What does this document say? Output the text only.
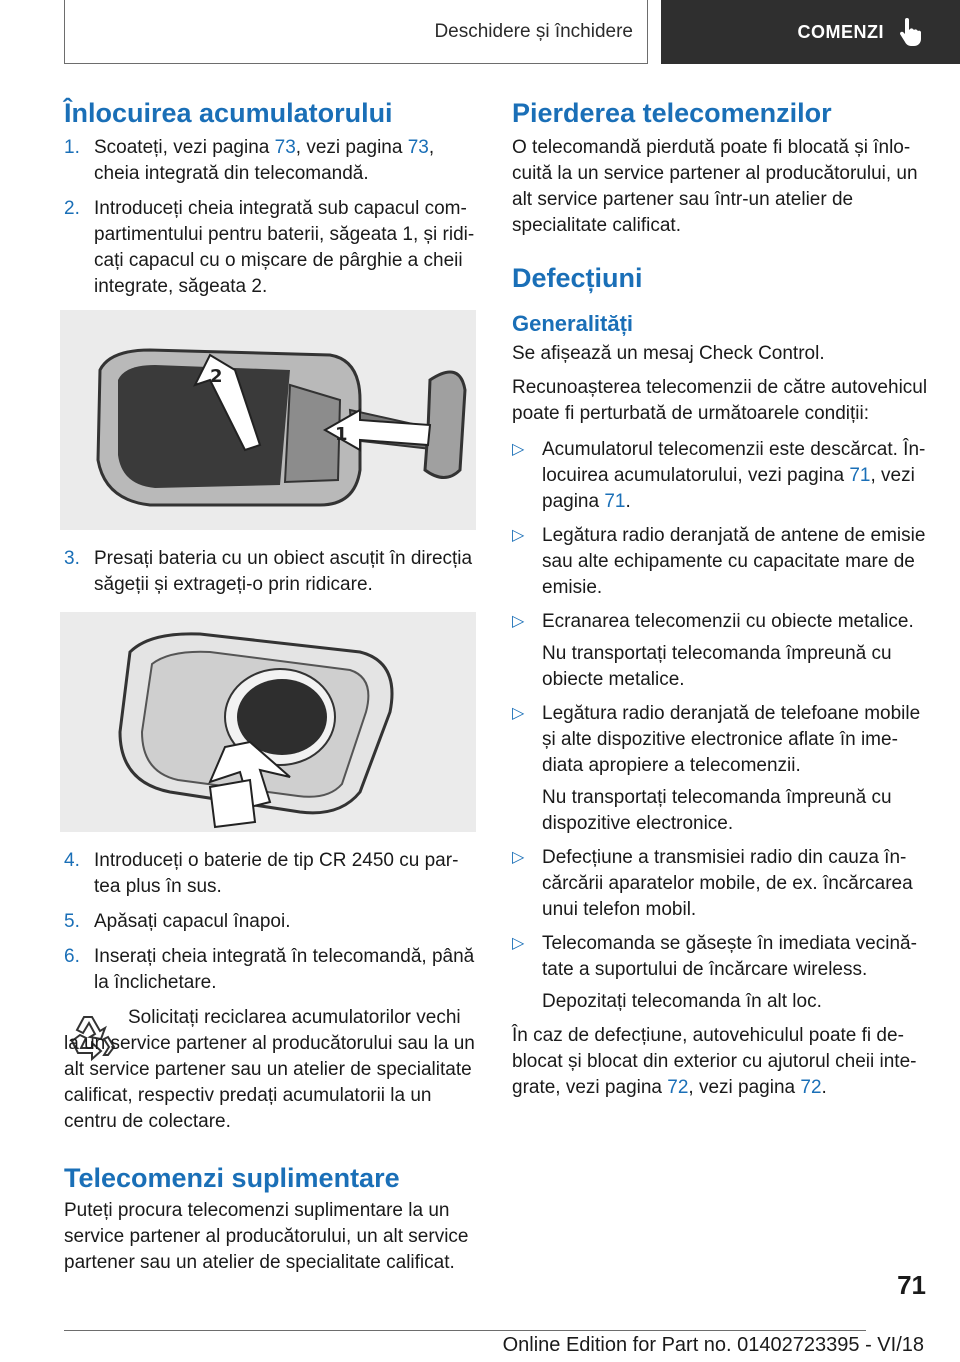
Deschidere și închidere	COMENZI
Înlocuirea acumulatorului
1. Scoateți, vezi pagina 73, vezi pagina 73, cheia integrată din telecomandă.
2. Introduceți cheia integrată sub capacul compartimentului pentru baterii, săgeata 1, și ridicați capacul cu o mișcare de pârghie a cheii integrate, săgeata 2.
2
1
3. Presați bateria cu un obiect ascuțit în direcția săgeții și extrageți-o prin ridicare.
4. Introduceți o baterie de tip CR 2450 cu partea plus în sus.
5. Apăsați capacul înapoi.
6. Inserați cheia integrată în telecomandă, până la înclichetare.

Solicitați reciclarea acumulatorilor vechi la un service partener al producătorului sau la un alt service partener sau un atelier de specialitate calificat, respectiv predați acumulatorii la un centru de colectare.

Telecomenzi suplimentare

Puteți procura telecomenzi suplimentare la un service partener al producătorului, un alt service partener sau un atelier de specialitate calificat.

Pierderea telecomenzilor

O telecomandă pierdută poate fi blocată și înlocuită la un service partener al producătorului, un alt service partener sau într-un atelier de specialitate calificat.

Defecțiuni
Generalități

Se afișează un mesaj Check Control.

Recunoașterea telecomenzii de către autovehicul poate fi perturbată de următoarele condiții:

▷ Acumulatorul telecomenzii este descărcat. Înlocuirea acumulatorului, vezi pagina 71, vezi pagina 71.
▷ Legătura radio deranjată de antene de emisie sau alte echipamente cu capacitate mare de emisie.
▷ Ecranarea telecomenzii cu obiecte metalice.
Nu transportați telecomanda împreună cu obiecte metalice.
▷ Legătura radio deranjată de telefoane mobile și alte dispozitive electronice aflate în imediata apropiere a telecomenzii.
Nu transportați telecomanda împreună cu dispozitive electronice.
▷ Defecțiune a transmisiei radio din cauza încărcării aparatelor mobile, de ex. încărcarea unui telefon mobil.
▷ Telecomanda se găsește în imediata vecinătate a suportului de încărcare wireless.
Depozitați telecomanda în alt loc.

În caz de defecțiune, autovehiculul poate fi deblocat și blocat din exterior cu ajutorul cheii integrate, vezi pagina 72, vezi pagina 72.

71
Online Edition for Part no. 01402723395 - VI/18
